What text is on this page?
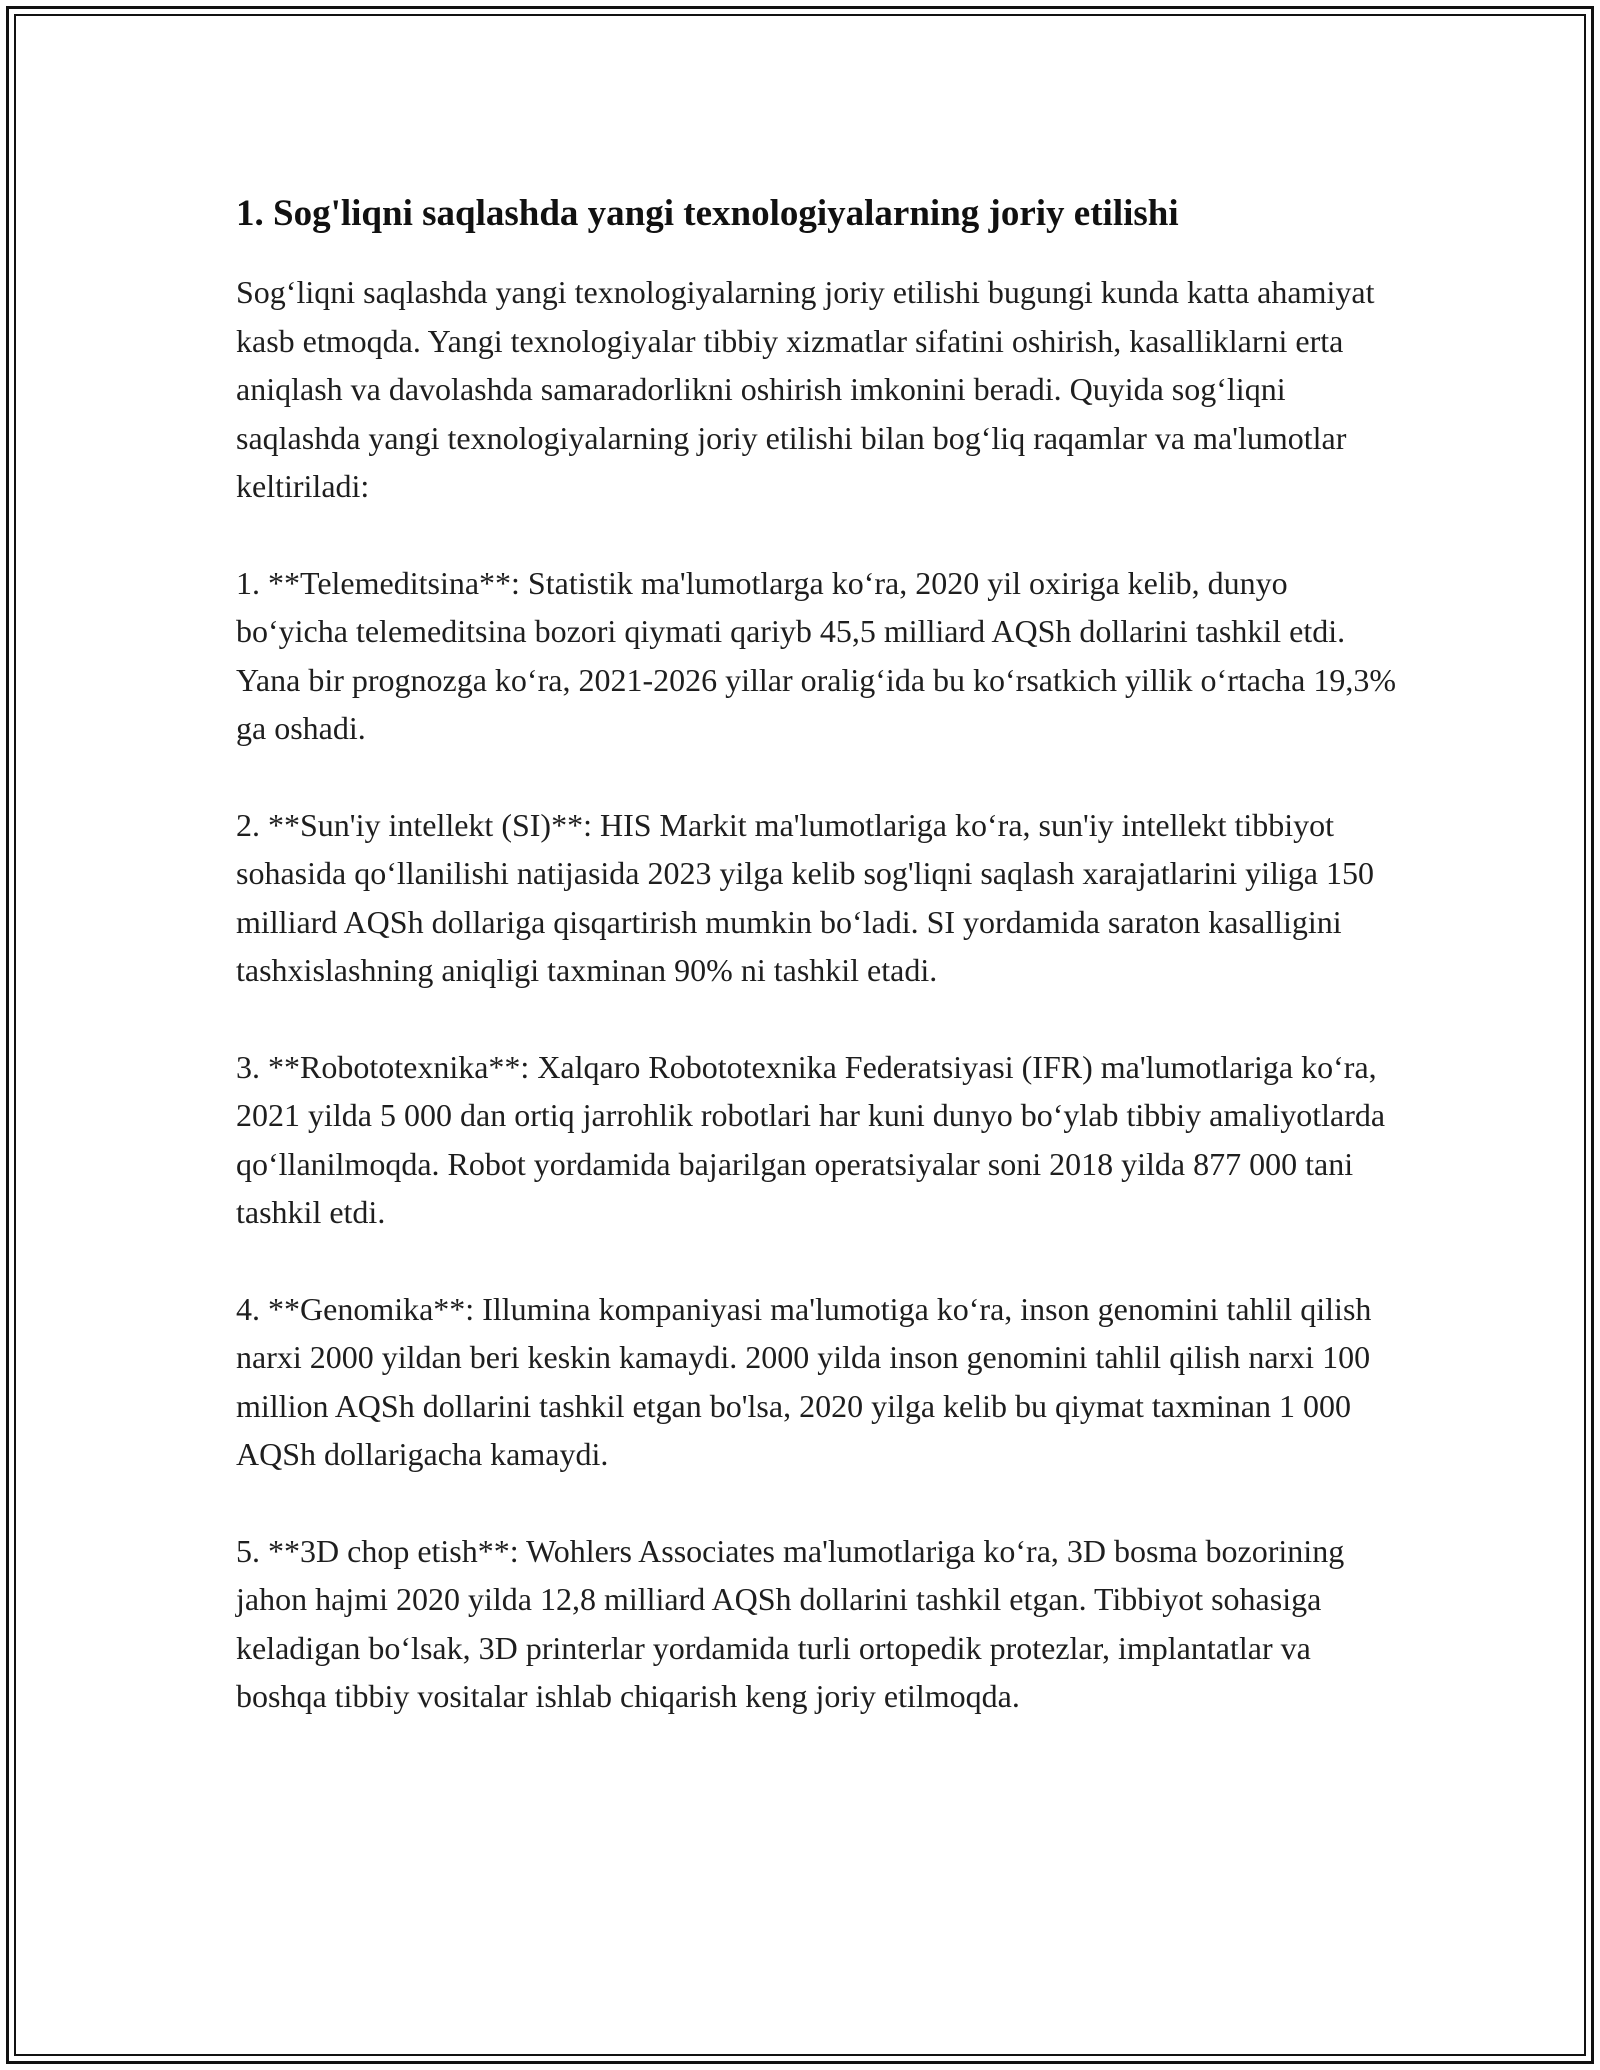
1. Sog'liqni saqlashda yangi texnologiyalarning joriy etilishi

Sog‘liqni saqlashda yangi texnologiyalarning joriy etilishi bugungi kunda katta ahamiyat kasb etmoqda. Yangi texnologiyalar tibbiy xizmatlar sifatini oshirish, kasalliklarni erta aniqlash va davolashda samaradorlikni oshirish imkonini beradi. Quyida sog‘liqni saqlashda yangi texnologiyalarning joriy etilishi bilan bog‘liq raqamlar va ma'lumotlar keltiriladi:

1. **Telemeditsina**: Statistik ma'lumotlarga ko‘ra, 2020 yil oxiriga kelib, dunyo bo‘yicha telemeditsina bozori qiymati qariyb 45,5 milliard AQSh dollarini tashkil etdi. Yana bir prognozga ko‘ra, 2021-2026 yillar oralig‘ida bu ko‘rsatkich yillik o‘rtacha 19,3% ga oshadi.

2. **Sun'iy intellekt (SI)**: HIS Markit ma'lumotlariga ko‘ra, sun'iy intellekt tibbiyot sohasida qo‘llanilishi natijasida 2023 yilga kelib sog'liqni saqlash xarajatlarini yiliga 150 milliard AQSh dollariga qisqartirish mumkin bo‘ladi. SI yordamida saraton kasalligini tashxislashning aniqligi taxminan 90% ni tashkil etadi.

3. **Robototexnika**: Xalqaro Robototexnika Federatsiyasi (IFR) ma'lumotlariga ko‘ra, 2021 yilda 5 000 dan ortiq jarrohlik robotlari har kuni dunyo bo‘ylab tibbiy amaliyotlarda qo‘llanilmoqda. Robot yordamida bajarilgan operatsiyalar soni 2018 yilda 877 000 tani tashkil etdi.

4. **Genomika**: Illumina kompaniyasi ma'lumotiga ko‘ra, inson genomini tahlil qilish narxi 2000 yildan beri keskin kamaydi. 2000 yilda inson genomini tahlil qilish narxi 100 million AQSh dollarini tashkil etgan bo'lsa, 2020 yilga kelib bu qiymat taxminan 1 000 AQSh dollarigacha kamaydi.

5. **3D chop etish**: Wohlers Associates ma'lumotlariga ko‘ra, 3D bosma bozorining jahon hajmi 2020 yilda 12,8 milliard AQSh dollarini tashkil etgan. Tibbiyot sohasiga keladigan bo‘lsak, 3D printerlar yordamida turli ortopedik protezlar, implantatlar va boshqa tibbiy vositalar ishlab chiqarish keng joriy etilmoqda.
